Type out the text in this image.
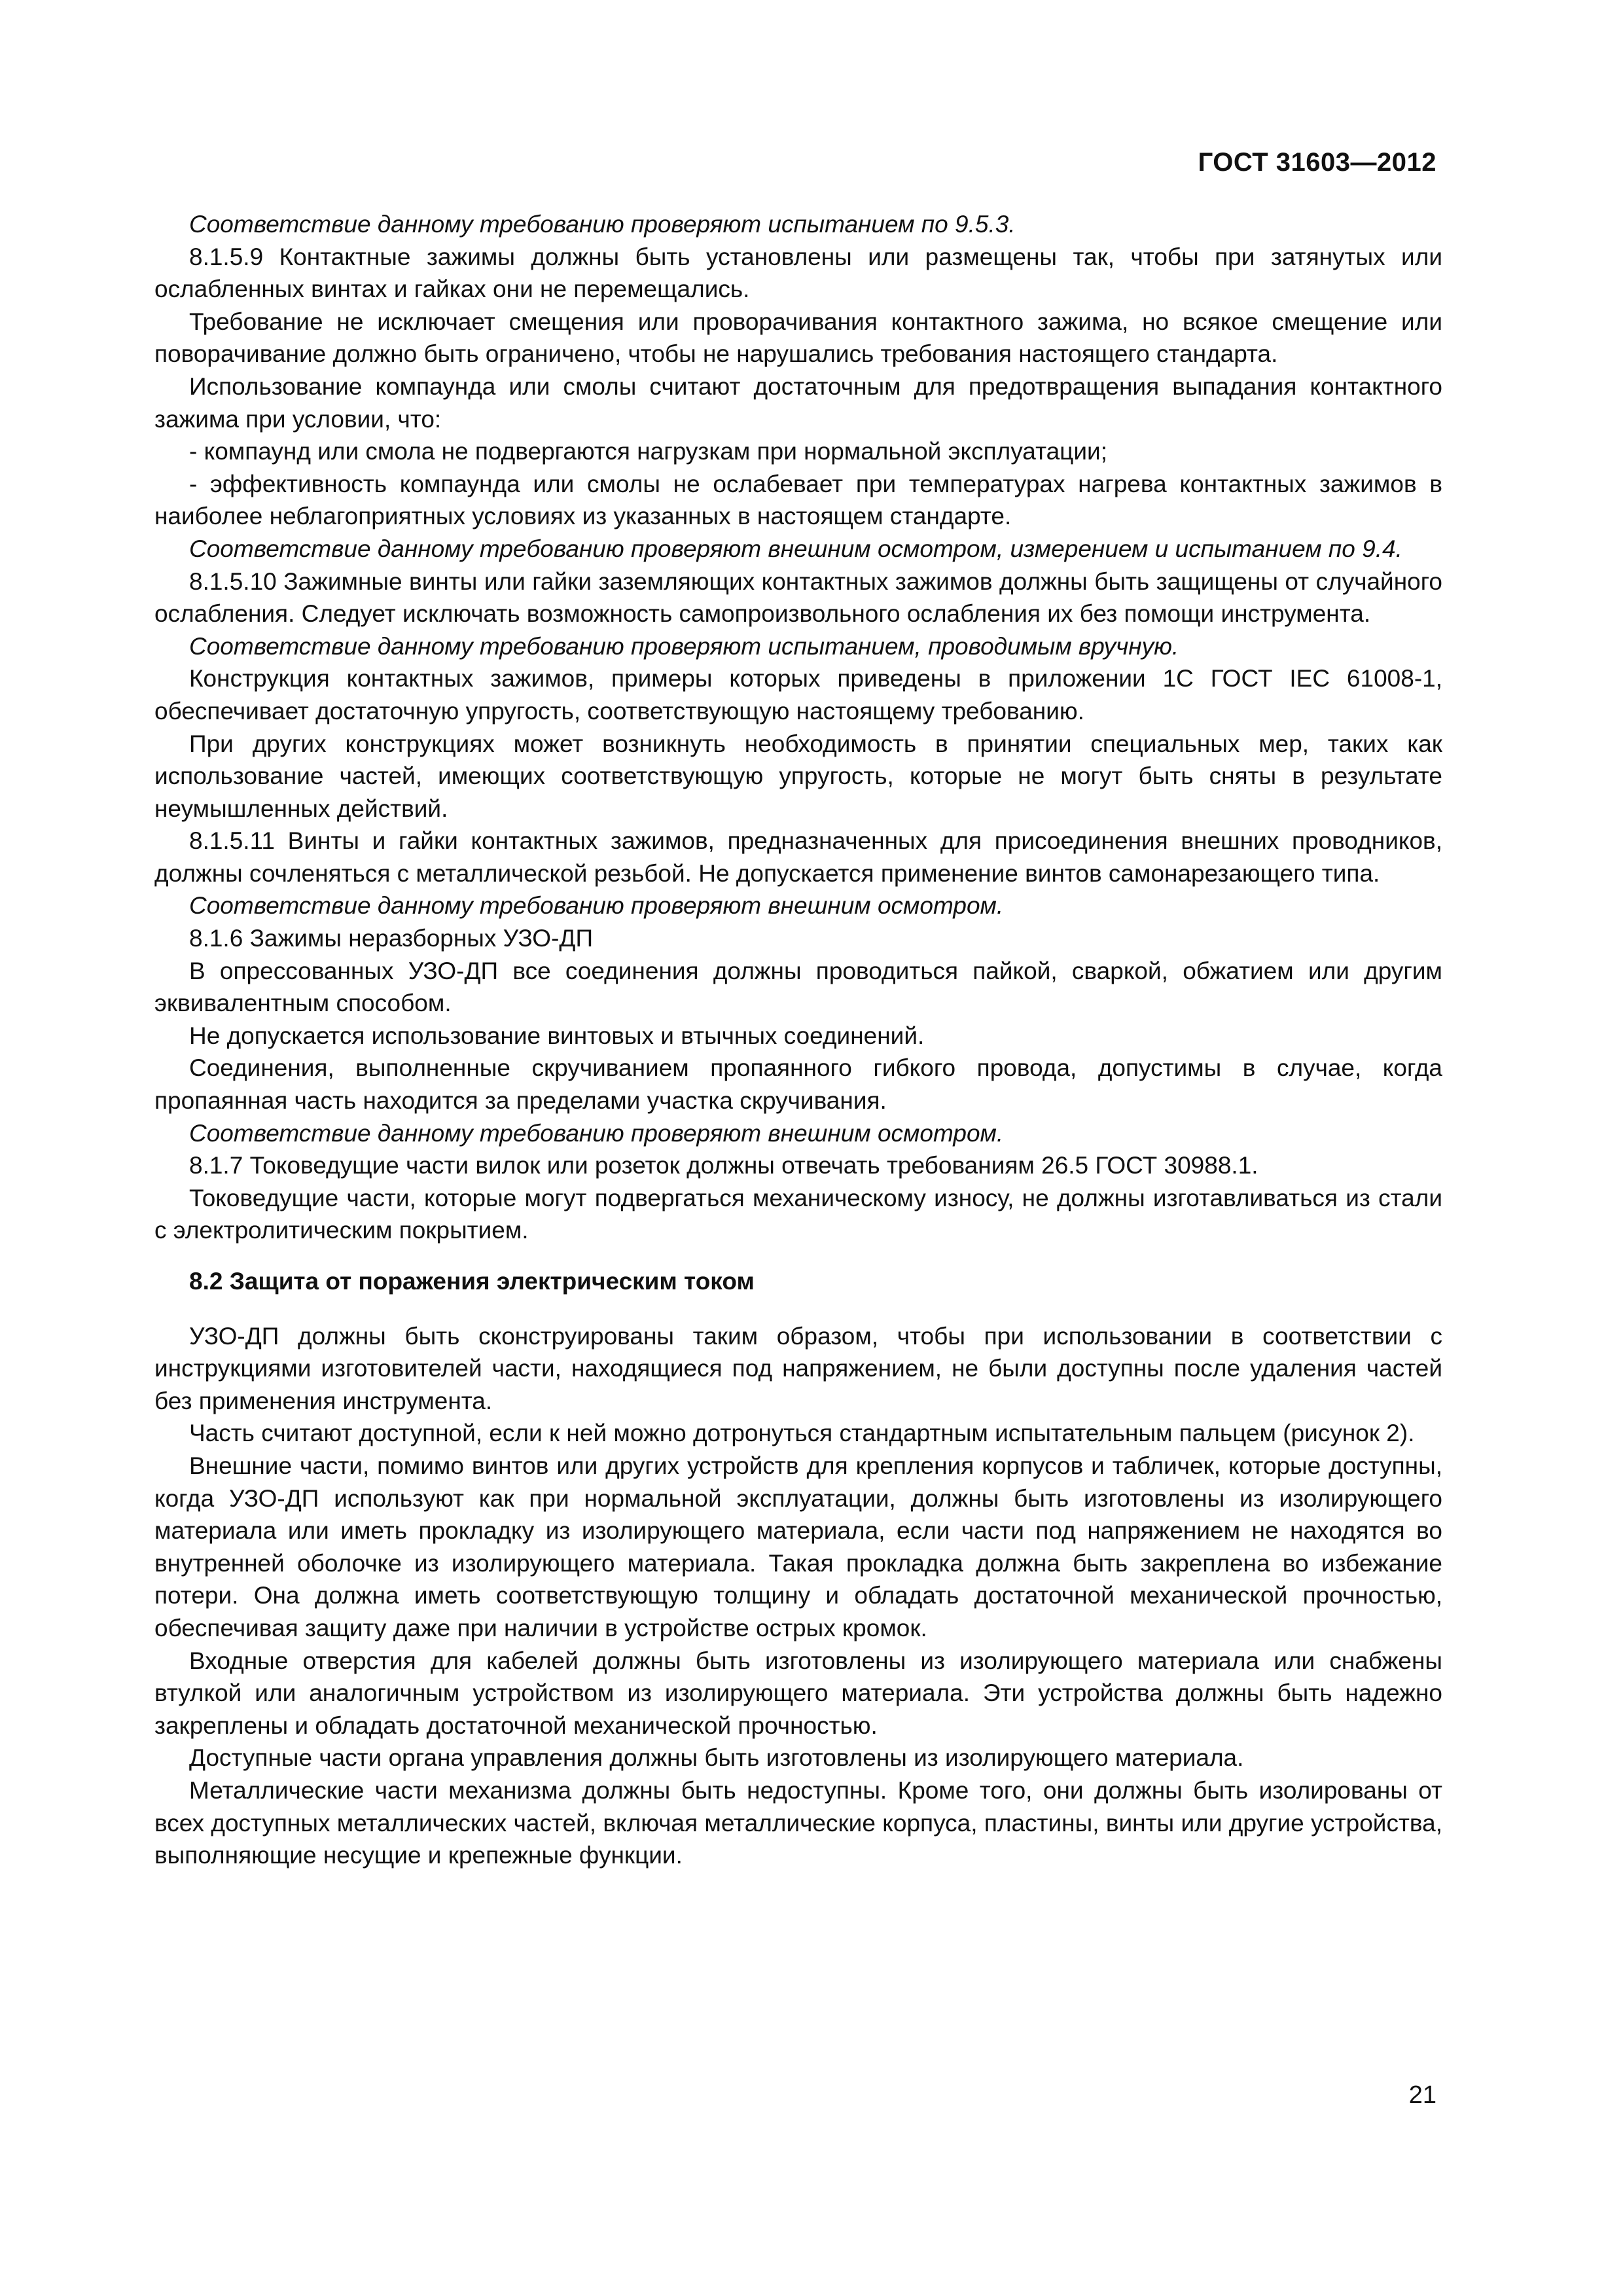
ГОСТ 31603—2012

Соответствие данному требованию проверяют испытанием по 9.5.3.

8.1.5.9 Контактные зажимы должны быть установлены или размещены так, чтобы при затянутых или ослабленных винтах и гайках они не перемещались.

Требование не исключает смещения или проворачивания контактного зажима, но всякое смещение или поворачивание должно быть ограничено, чтобы не нарушались требования настоящего стандарта.

Использование компаунда или смолы считают достаточным для предотвращения выпадания контактного зажима при условии, что:

- компаунд или смола не подвергаются нагрузкам при нормальной эксплуатации;

- эффективность компаунда или смолы не ослабевает при температурах нагрева контактных зажимов в наиболее неблагоприятных условиях из указанных в настоящем стандарте.

Соответствие данному требованию проверяют внешним осмотром, измерением и испытанием по 9.4.

8.1.5.10 Зажимные винты или гайки заземляющих контактных зажимов должны быть защищены от случайного ослабления. Следует исключать возможность самопроизвольного ослабления их без помощи инструмента.

Соответствие данному требованию проверяют испытанием, проводимым вручную.

Конструкция контактных зажимов, примеры которых приведены в приложении 1С ГОСТ IEC 61008-1, обеспечивает достаточную упругость, соответствующую настоящему требованию.

При других конструкциях может возникнуть необходимость в принятии специальных мер, таких как использование частей, имеющих соответствующую упругость, которые не могут быть сняты в результате неумышленных действий.

8.1.5.11 Винты и гайки контактных зажимов, предназначенных для присоединения внешних проводников, должны сочленяться с металлической резьбой. Не допускается применение винтов самонарезающего типа.

Соответствие данному требованию проверяют внешним осмотром.

8.1.6 Зажимы неразборных УЗО-ДП

В опрессованных УЗО-ДП все соединения должны проводиться пайкой, сваркой, обжатием или другим эквивалентным способом.

Не допускается использование винтовых и втычных соединений.

Соединения, выполненные скручиванием пропаянного гибкого провода, допустимы в случае, когда пропаянная часть находится за пределами участка скручивания.

Соответствие данному требованию проверяют внешним осмотром.

8.1.7 Токоведущие части вилок или розеток должны отвечать требованиям 26.5 ГОСТ 30988.1.

Токоведущие части, которые могут подвергаться механическому износу, не должны изготавливаться из стали с электролитическим покрытием.

8.2 Защита от поражения электрическим током

УЗО-ДП должны быть сконструированы таким образом, чтобы при использовании в соответствии с инструкциями изготовителей части, находящиеся под напряжением, не были доступны после удаления частей без применения инструмента.

Часть считают доступной, если к ней можно дотронуться стандартным испытательным пальцем (рисунок 2).

Внешние части, помимо винтов или других устройств для крепления корпусов и табличек, которые доступны, когда УЗО-ДП используют как при нормальной эксплуатации, должны быть изготовлены из изолирующего материала или иметь прокладку из изолирующего материала, если части под напряжением не находятся во внутренней оболочке из изолирующего материала. Такая прокладка должна быть закреплена во избежание потери. Она должна иметь соответствующую толщину и обладать достаточной механической прочностью, обеспечивая защиту даже при наличии в устройстве острых кромок.

Входные отверстия для кабелей должны быть изготовлены из изолирующего материала или снабжены втулкой или аналогичным устройством из изолирующего материала. Эти устройства должны быть надежно закреплены и обладать достаточной механической прочностью.

Доступные части органа управления должны быть изготовлены из изолирующего материала.

Металлические части механизма должны быть недоступны. Кроме того, они должны быть изолированы от всех доступных металлических частей, включая металлические корпуса, пластины, винты или другие устройства, выполняющие несущие и крепежные функции.

21
